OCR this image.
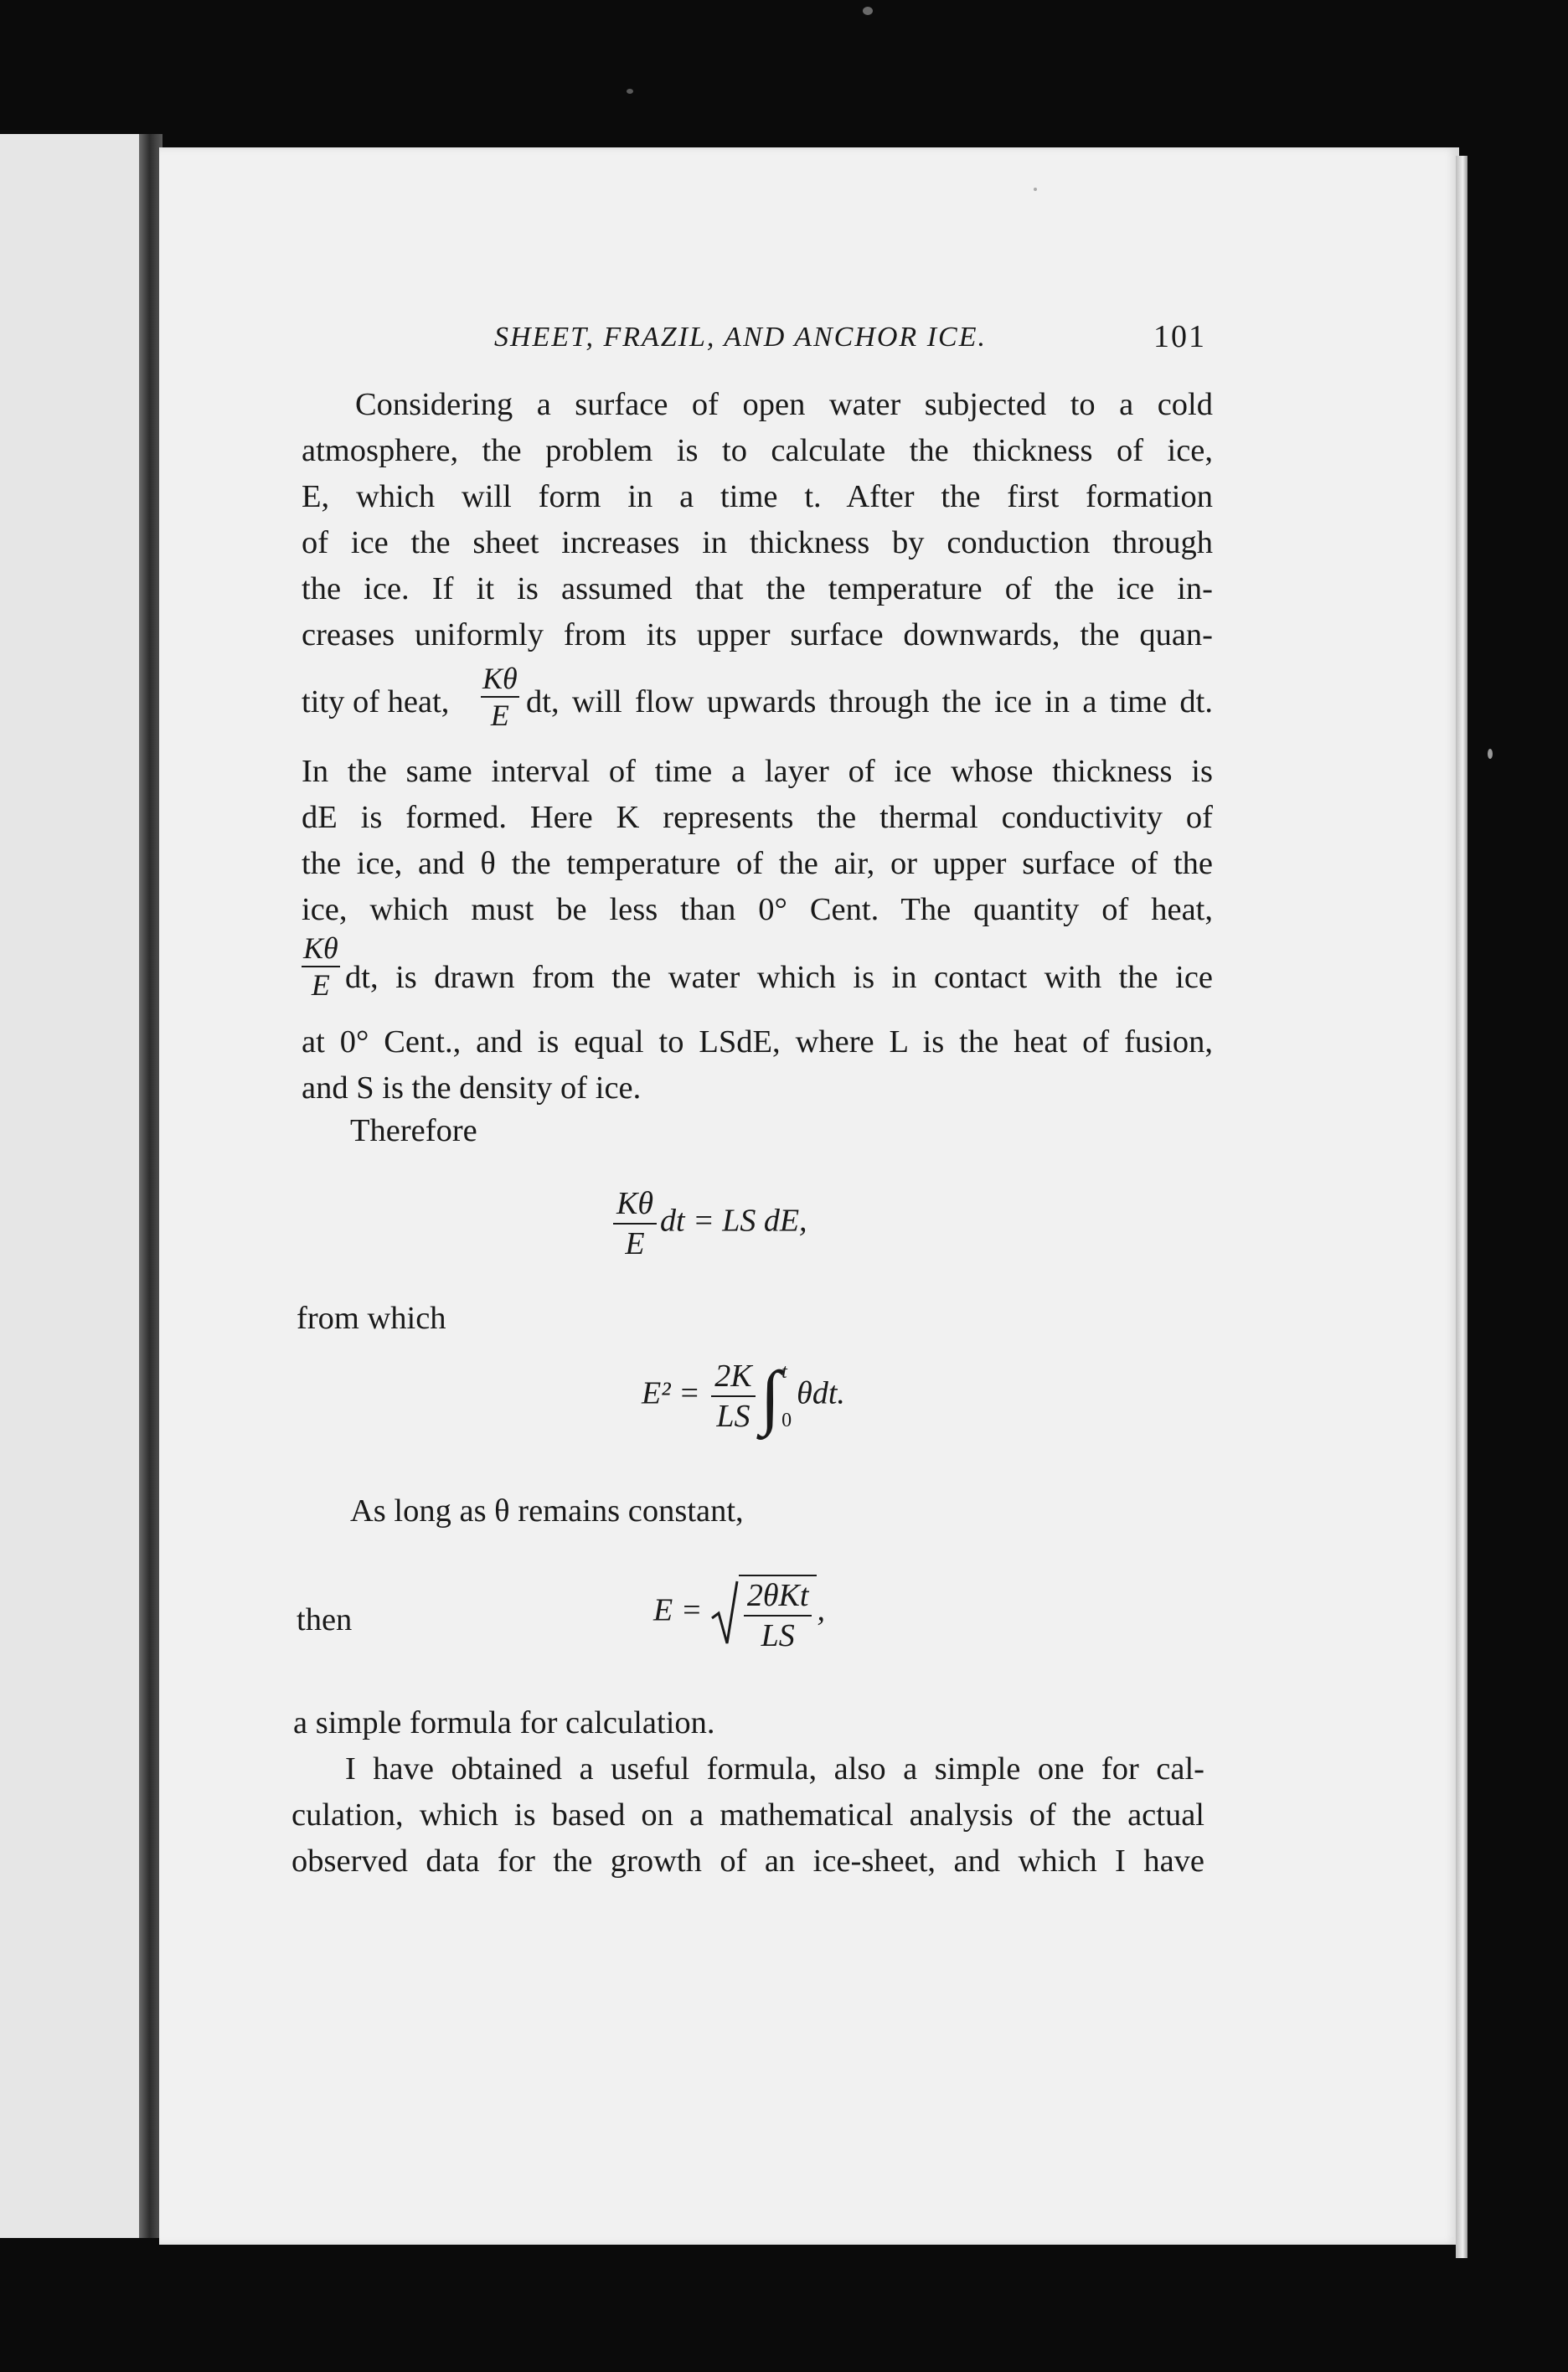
SHEET, FRAZIL, AND ANCHOR ICE.	101
Considering a surface of open water subjected to a cold
atmosphere, the problem is to calculate the thickness of ice,
E, which will form in a time t. After the first formation
of ice the sheet increases in thickness by conduction through
the ice. If it is assumed that the temperature of the ice in-
creases uniformly from its upper surface downwards, the quan-
tity of heat,	$\frac{K\theta}{E}$ dt, will flow upwards through the ice in a time dt.
In the same interval of time a layer of ice whose thickness is
dE is formed. Here K represents the thermal conductivity of
the ice, and θ the temperature of the air, or upper surface of the
ice, which must be less than 0° Cent. The quantity of heat,
$\frac{K\theta}{E}$ dt, is drawn from the water which is in contact with the ice
at 0° Cent., and is equal to LSdE, where L is the heat of fusion,
and S is the density of ice.
Therefore
$\frac{K\theta}{E}$ dt = LS dE,
from which
$E^2 = \frac{2K}{LS}$ ∫ t
0
θdt.
As long as θ remains constant,
then	$E = \frac{\text{2θKt}}{LS}$ ,
a simple formula for calculation.
I have obtained a useful formula, also a simple one for cal-
culation, which is based on a mathematical analysis of the actual
observed data for the growth of an ice-sheet, and which I have
